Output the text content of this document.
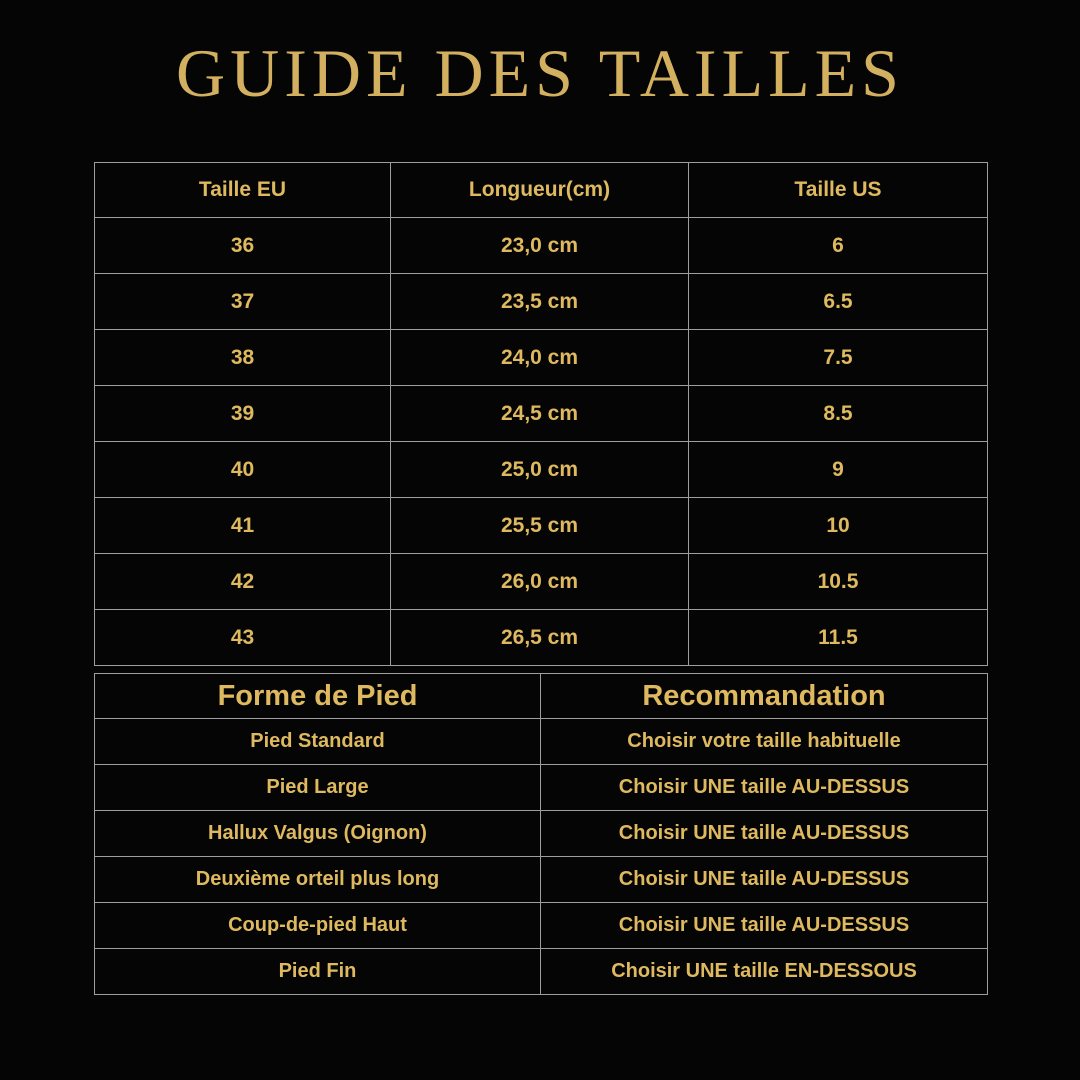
GUIDE DES TAILLES
Taille EU	Longueur(cm)	Taille US
36	23,0 cm	6
37	23,5 cm	6.5
38	24,0 cm	7.5
39	24,5 cm	8.5
40	25,0 cm	9
41	25,5 cm	10
42	26,0 cm	10.5
43	26,5 cm	11.5
Forme de Pied	Recommandation
Pied Standard	Choisir votre taille habituelle
Pied Large	Choisir UNE taille AU-DESSUS
Hallux Valgus (Oignon)	Choisir UNE taille AU-DESSUS
Deuxième orteil plus long	Choisir UNE taille AU-DESSUS
Coup-de-pied Haut	Choisir UNE taille AU-DESSUS
Pied Fin	Choisir UNE taille EN-DESSOUS
